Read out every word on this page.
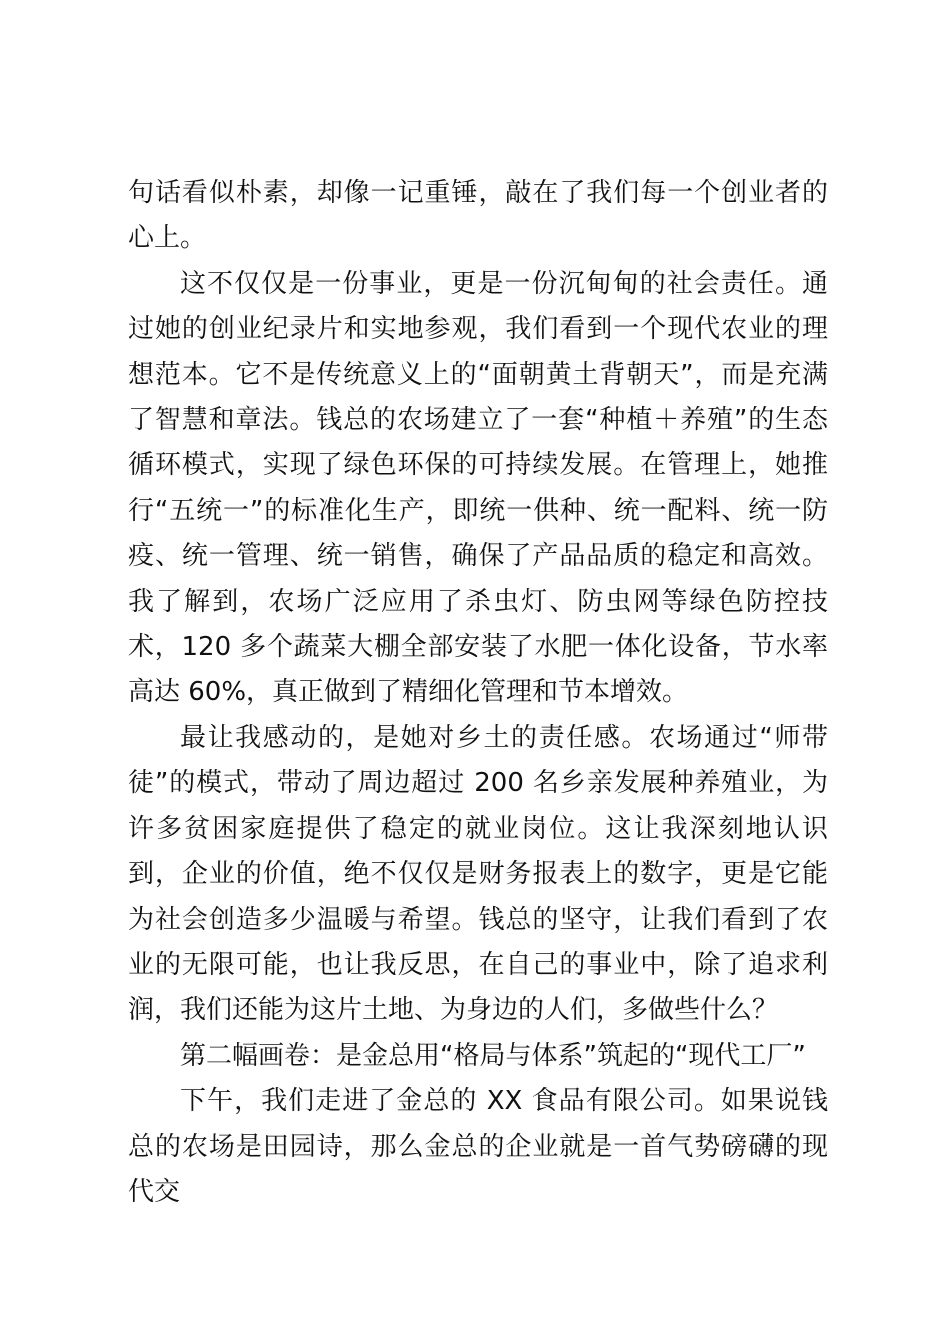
句话看似朴素，却像一记重锤，敲在了我们每一个创业者的心上。

这不仅仅是一份事业，更是一份沉甸甸的社会责任。通过她的创业纪录片和实地参观，我们看到一个现代农业的理想范本。它不是传统意义上的“面朝黄土背朝天”，而是充满了智慧和章法。钱总的农场建立了一套“种植＋养殖”的生态循环模式，实现了绿色环保的可持续发展。在管理上，她推行“五统一”的标准化生产，即统一供种、统一配料、统一防疫、统一管理、统一销售，确保了产品品质的稳定和高效。我了解到，农场广泛应用了杀虫灯、防虫网等绿色防控技术，120 多个蔬菜大棚全部安装了水肥一体化设备，节水率高达 60%，真正做到了精细化管理和节本增效。

最让我感动的，是她对乡土的责任感。农场通过“师带徒”的模式，带动了周边超过 200 名乡亲发展种养殖业，为许多贫困家庭提供了稳定的就业岗位。这让我深刻地认识到，企业的价值，绝不仅仅是财务报表上的数字，更是它能为社会创造多少温暖与希望。钱总的坚守，让我们看到了农业的无限可能，也让我反思，在自己的事业中，除了追求利润，我们还能为这片土地、为身边的人们，多做些什么？

第二幅画卷：是金总用“格局与体系”筑起的“现代工厂”

下午，我们走进了金总的 XX 食品有限公司。如果说钱总的农场是田园诗，那么金总的企业就是一首气势磅礴的现代交
